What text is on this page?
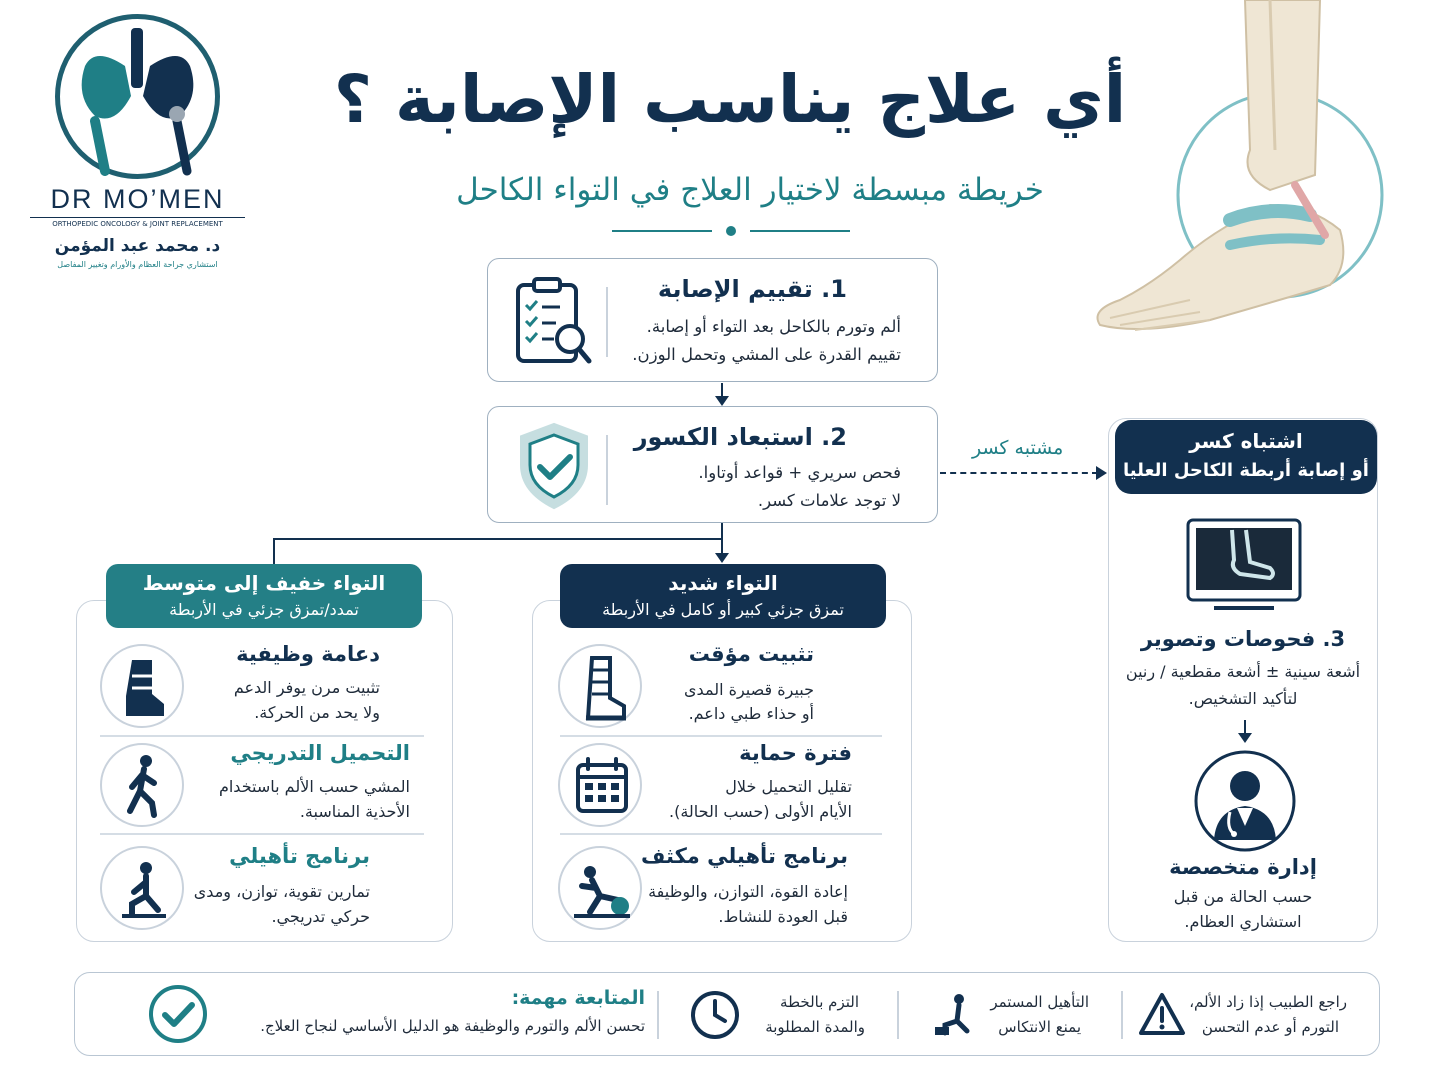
DR MO’MEN
ORTHOPEDIC ONCOLOGY & JOINT REPLACEMENT
د. محمد عبد المؤمن
استشاري جراحة العظام والأورام وتغيير المفاصل
أي علاج يناسب الإصابة ؟
خريطة مبسطة لاختيار العلاج في التواء الكاحل
1. تقييم الإصابة
ألم وتورم بالكاحل بعد التواء أو إصابة.
تقييم القدرة على المشي وتحمل الوزن.
2. استبعاد الكسور
فحص سريري + قواعد أوتاوا.
لا توجد علامات كسر.
مشتبه كسر
التواء خفيف إلى متوسط
تمدد/تمزق جزئي في الأربطة
دعامة وظيفية
تثبيت مرن يوفر الدعم
ولا يحد من الحركة.
التحميل التدريجي
المشي حسب الألم باستخدام
الأحذية المناسبة.
برنامج تأهيلي
تمارين تقوية، توازن، ومدى
حركي تدريجي.
التواء شديد
تمزق جزئي كبير أو كامل في الأربطة
تثبيت مؤقت
جبيرة قصيرة المدى
أو حذاء طبي داعم.
فترة حماية
تقليل التحميل خلال
الأيام الأولى (حسب الحالة).
برنامج تأهيلي مكثف
إعادة القوة، التوازن، والوظيفة
قبل العودة للنشاط.
اشتباه كسر
أو إصابة أربطة الكاحل العليا
3. فحوصات وتصوير
أشعة سينية ± أشعة مقطعية / رنين
لتأكيد التشخيص.
إدارة متخصصة
حسب الحالة من قبل
استشاري العظام.
المتابعة مهمة:
تحسن الألم والتورم والوظيفة هو الدليل الأساسي لنجاح العلاج.
التزم بالخطة
والمدة المطلوبة
التأهيل المستمر
يمنع الانتكاس
راجع الطبيب إذا زاد الألم،
التورم أو عدم التحسن
